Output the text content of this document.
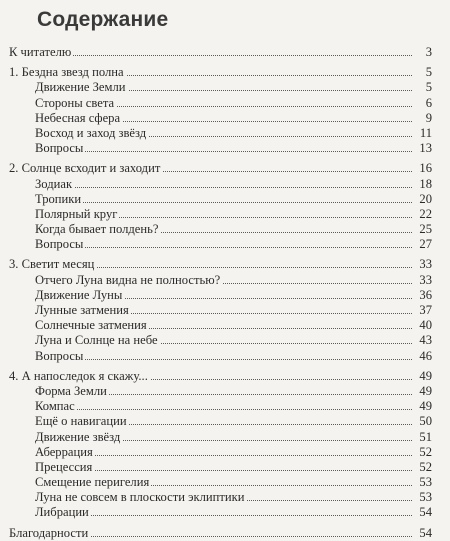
Содержание
К читателю	3
1. Бездна звезд полна	5
Движение Земли	5
Стороны света	6
Небесная сфера	9
Восход и заход звёзд	11
Вопросы	13
2. Солнце всходит и заходит	16
Зодиак	18
Тропики	20
Полярный круг	22
Когда бывает полдень?	25
Вопросы	27
3. Светит месяц	33
Отчего Луна видна не полностью?	33
Движение Луны	36
Лунные затмения	37
Солнечные затмения	40
Луна и Солнце на небе	43
Вопросы	46
4. А напоследок я скажу...	49
Форма Земли	49
Компас	49
Ещё о навигации	50
Движение звёзд	51
Аберрация	52
Прецессия	52
Смещение перигелия	53
Луна не совсем в плоскости эклиптики	53
Либрации	54
Благодарности	54
